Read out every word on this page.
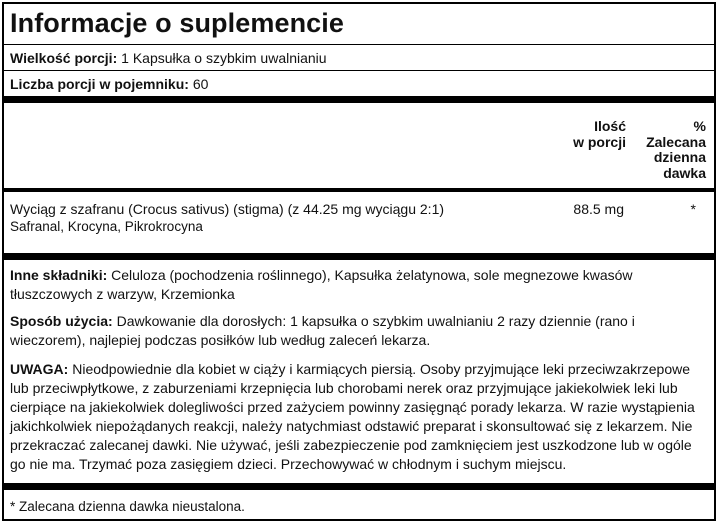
Informacje o suplemencie
Wielkość porcji: 1 Kapsułka o szybkim uwalnianiu
Liczba porcji w pojemniku: 60
Ilość
w porcji
%
Zalecana
dzienna
dawka
Wyciąg z szafranu (Crocus sativus) (stigma) (z 44.25 mg wyciągu 2:1)
Safranal, Krocyna, Pikrokrocyna
88.5 mg	*
Inne składniki: Celuloza (pochodzenia roślinnego), Kapsułka żelatynowa, sole megnezowe kwasów tłuszczowych z warzyw, Krzemionka
Sposób użycia: Dawkowanie dla dorosłych: 1 kapsułka o szybkim uwalnianiu 2 razy dziennie (rano i wieczorem), najlepiej podczas posiłków lub według zaleceń lekarza.
UWAGA: Nieodpowiednie dla kobiet w ciąży i karmiących piersią. Osoby przyjmujące leki przeciwzakrzepowe lub przeciwpłytkowe, z zaburzeniami krzepnięcia lub chorobami nerek oraz przyjmujące jakiekolwiek leki lub cierpiące na jakiekolwiek dolegliwości przed zażyciem powinny zasięgnąć porady lekarza. W razie wystąpienia jakichkolwiek niepożądanych reakcji, należy natychmiast odstawić preparat i skonsultować się z lekarzem. Nie przekraczać zalecanej dawki. Nie używać, jeśli zabezpieczenie pod zamknięciem jest uszkodzone lub w ogóle go nie ma. Trzymać poza zasięgiem dzieci. Przechowywać w chłodnym i suchym miejscu.
* Zalecana dzienna dawka nieustalona.
